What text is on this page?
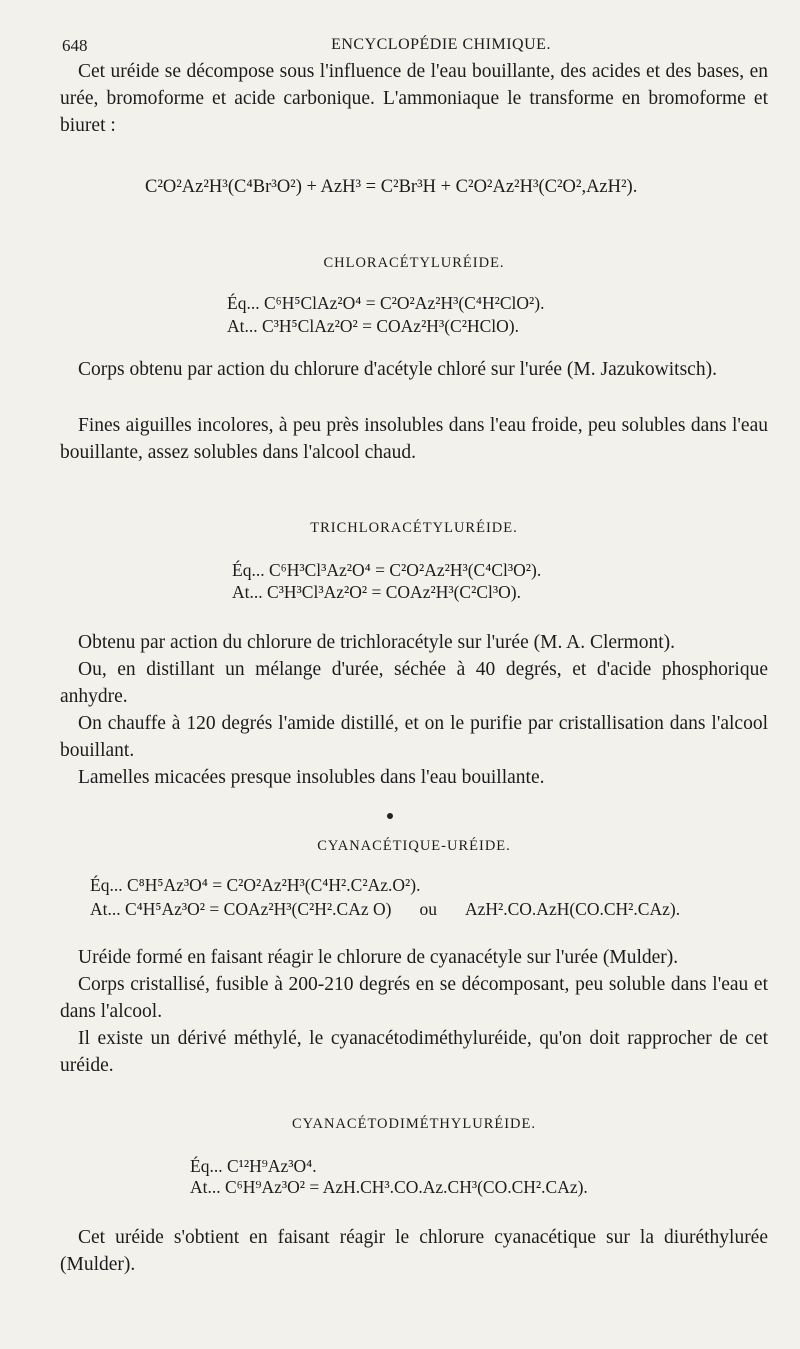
648	ENCYCLOPÉDIE CHIMIQUE.

Cet uréide se décompose sous l'influence de l'eau bouillante, des acides et des bases, en urée, bromoforme et acide carbonique. L'ammoniaque le transforme en bromoforme et biuret :

C²O²Az²H³(C⁴Br³O²) + AzH³ = C²Br³H + C²O²Az²H³(C²O²,AzH²).
CHLORACÉTYLURÉIDE.
Éq... C⁶H⁵ClAz²O⁴ = C²O²Az²H³(C⁴H²ClO²).
At... C³H⁵ClAz²O² = COAz²H³(C²HClO).

Corps obtenu par action du chlorure d'acétyle chloré sur l'urée (M. Jazukowitsch).

Fines aiguilles incolores, à peu près insolubles dans l'eau froide, peu solubles dans l'eau bouillante, assez solubles dans l'alcool chaud.

TRICHLORACÉTYLURÉIDE.
Éq... C⁶H³Cl³Az²O⁴ = C²O²Az²H³(C⁴Cl³O²).
At... C³H³Cl³Az²O² = COAz²H³(C²Cl³O).

Obtenu par action du chlorure de trichloracétyle sur l'urée (M. A. Clermont).

Ou, en distillant un mélange d'urée, séchée à 40 degrés, et d'acide phosphorique anhydre.

On chauffe à 120 degrés l'amide distillé, et on le purifie par cristallisation dans l'alcool bouillant.

Lamelles micacées presque insolubles dans l'eau bouillante.

CYANACÉTIQUE-URÉIDE.
Éq... C⁸H⁵Az³O⁴ = C²O²Az²H³(C⁴H².C²Az.O²).
At... C⁴H⁵Az³O² = COAz²H³(C²H².CAz O) ou AzH².CO.AzH(CO.CH².CAz).

Uréide formé en faisant réagir le chlorure de cyanacétyle sur l'urée (Mulder).

Corps cristallisé, fusible à 200-210 degrés en se décomposant, peu soluble dans l'eau et dans l'alcool.

Il existe un dérivé méthylé, le cyanacétodiméthyluréide, qu'on doit rapprocher de cet uréide.

CYANACÉTODIMÉTHYLURÉIDE.
Éq... C¹²H⁹Az³O⁴.
At... C⁶H⁹Az³O² = AzH.CH³.CO.Az.CH³(CO.CH².CAz).

Cet uréide s'obtient en faisant réagir le chlorure cyanacétique sur la diuréthylurée (Mulder).
